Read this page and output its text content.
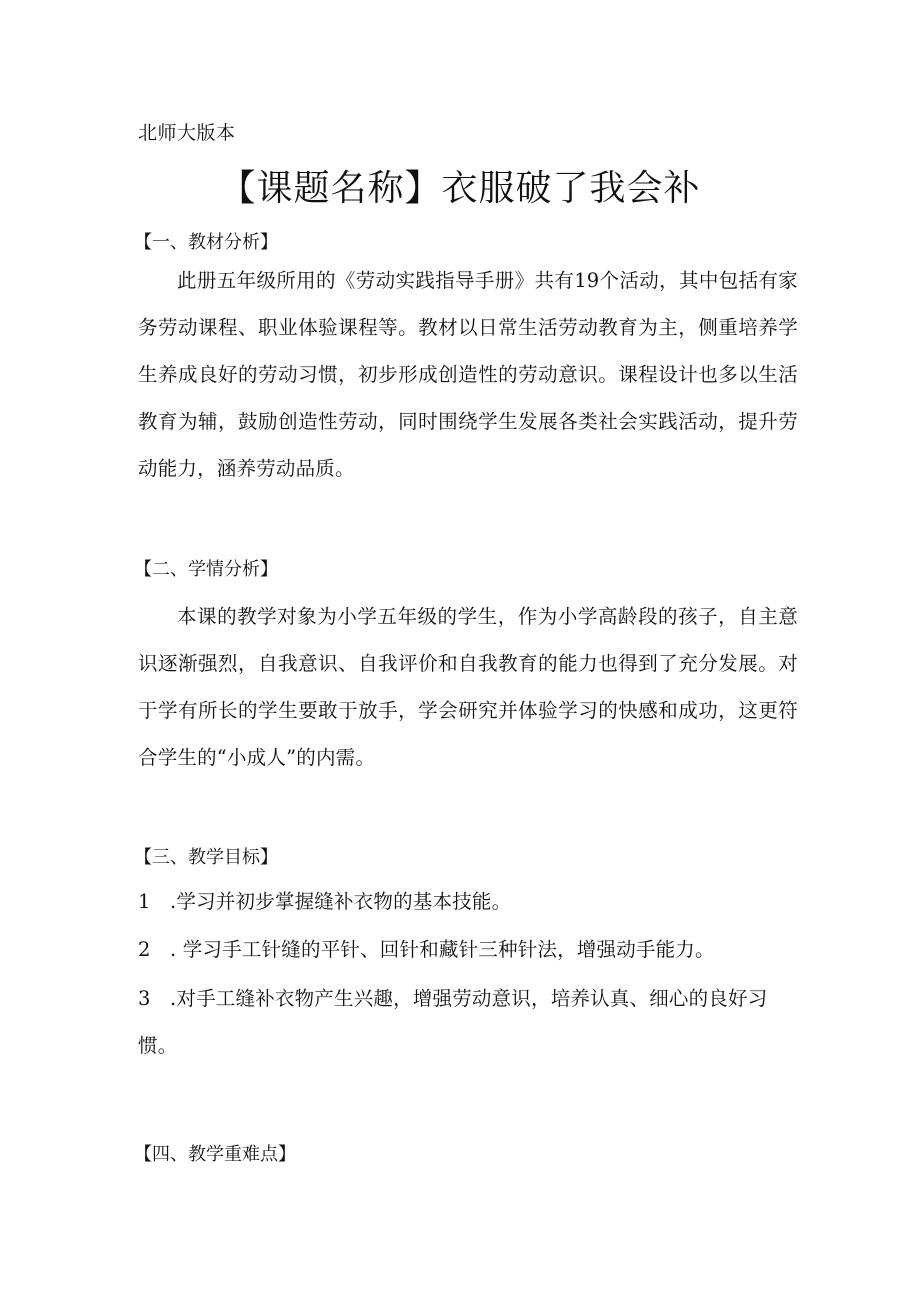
北师大版本
【课题名称】衣服破了我会补
【一、教材分析】

此册五年级所用的《劳动实践指导手册》共有19个活动，其中包括有家务劳动课程、职业体验课程等。教材以日常生活劳动教育为主，侧重培养学生养成良好的劳动习惯，初步形成创造性的劳动意识。课程设计也多以生活教育为辅，鼓励创造性劳动，同时围绕学生发展各类社会实践活动，提升劳动能力，涵养劳动品质。

【二、学情分析】

本课的教学对象为小学五年级的学生，作为小学高龄段的孩子，自主意识逐渐强烈，自我意识、自我评价和自我教育的能力也得到了充分发展。对于学有所长的学生要敢于放手，学会研究并体验学习的快感和成功，这更符合学生的“小成人”的内需。

【三、教学目标】
1 .学习并初步掌握缝补衣物的基本技能。
2 . 学习手工针缝的平针、回针和藏针三种针法，增强动手能力。
3 .对手工缝补衣物产生兴趣，增强劳动意识，培养认真、细心的良好习惯。
【四、教学重难点】
